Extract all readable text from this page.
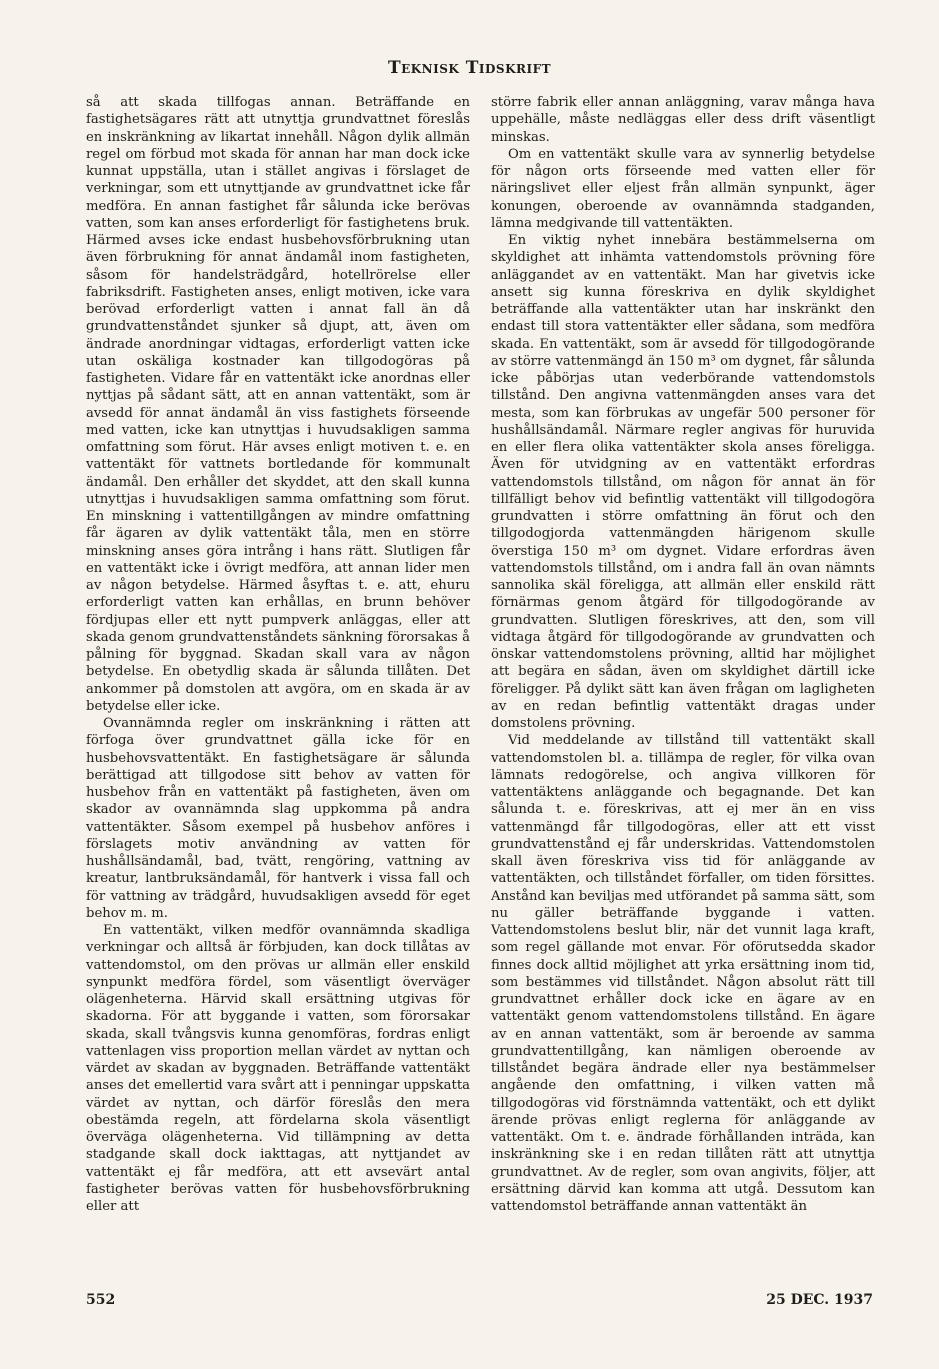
Teknisk Tidskrift

så att skada tillfogas annan. Beträffande en fastighetsägares rätt att utnyttja grundvattnet föreslås en inskränkning av likartat innehåll. Någon dylik allmän regel om förbud mot skada för annan har man dock icke kunnat uppställa, utan i stället angivas i förslaget de verkningar, som ett utnyttjande av grundvattnet icke får medföra. En annan fastighet får sålunda icke berövas vatten, som kan anses erforderligt för fastighetens bruk. Härmed avses icke endast husbehovsförbrukning utan även förbrukning för annat ändamål inom fastigheten, såsom för handelsträdgård, hotellrörelse eller fabriksdrift. Fastigheten anses, enligt motiven, icke vara berövad erforderligt vatten i annat fall än då grundvattenståndet sjunker så djupt, att, även om ändrade anordningar vidtagas, erforderligt vatten icke utan oskäliga kostnader kan tillgodogöras på fastigheten. Vidare får en vattentäkt icke anordnas eller nyttjas på sådant sätt, att en annan vattentäkt, som är avsedd för annat ändamål än viss fastighets förseende med vatten, icke kan utnyttjas i huvudsakligen samma omfattning som förut. Här avses enligt motiven t. e. en vattentäkt för vattnets bortledande för kommunalt ändamål. Den erhåller det skyddet, att den skall kunna utnyttjas i huvudsakligen samma omfattning som förut. En minskning i vattentillgången av mindre omfattning får ägaren av dylik vattentäkt tåla, men en större minskning anses göra intrång i hans rätt. Slutligen får en vattentäkt icke i övrigt medföra, att annan lider men av någon betydelse. Härmed åsyftas t. e. att, ehuru erforderligt vatten kan erhållas, en brunn behöver fördjupas eller ett nytt pumpverk anläggas, eller att skada genom grundvattenståndets sänkning förorsakas å pålning för byggnad. Skadan skall vara av någon betydelse. En obetydlig skada är sålunda tillåten. Det ankommer på domstolen att avgöra, om en skada är av betydelse eller icke.

Ovannämnda regler om inskränkning i rätten att förfoga över grundvattnet gälla icke för en husbehovsvattentäkt. En fastighetsägare är sålunda berättigad att tillgodose sitt behov av vatten för husbehov från en vattentäkt på fastigheten, även om skador av ovannämnda slag uppkomma på andra vattentäkter. Såsom exempel på husbehov anföres i förslagets motiv användning av vatten för hushållsändamål, bad, tvätt, rengöring, vattning av kreatur, lantbruksändamål, för hantverk i vissa fall och för vattning av trädgård, huvudsakligen avsedd för eget behov m. m.

En vattentäkt, vilken medför ovannämnda skadliga verkningar och alltså är förbjuden, kan dock tillåtas av vattendomstol, om den prövas ur allmän eller enskild synpunkt medföra fördel, som väsentligt överväger olägenheterna. Härvid skall ersättning utgivas för skadorna. För att byggande i vatten, som förorsakar skada, skall tvångsvis kunna genomföras, fordras enligt vattenlagen viss proportion mellan värdet av nyttan och värdet av skadan av byggnaden. Beträffande vattentäkt anses det emellertid vara svårt att i penningar uppskatta värdet av nyttan, och därför föreslås den mera obestämda regeln, att fördelarna skola väsentligt överväga olägenheterna. Vid tillämpning av detta stadgande skall dock iakttagas, att nyttjandet av vattentäkt ej får medföra, att ett avsevärt antal fastigheter berövas vatten för husbehovsförbrukning eller att

större fabrik eller annan anläggning, varav många hava uppehälle, måste nedläggas eller dess drift väsentligt minskas.

Om en vattentäkt skulle vara av synnerlig betydelse för någon orts förseende med vatten eller för näringslivet eller eljest från allmän synpunkt, äger konungen, oberoende av ovannämnda stadganden, lämna medgivande till vattentäkten.

En viktig nyhet innebära bestämmelserna om skyldighet att inhämta vattendomstols prövning före anläggandet av en vattentäkt. Man har givetvis icke ansett sig kunna föreskriva en dylik skyldighet beträffande alla vattentäkter utan har inskränkt den endast till stora vattentäkter eller sådana, som medföra skada. En vattentäkt, som är avsedd för tillgodogörande av större vattenmängd än 150 m³ om dygnet, får sålunda icke påbörjas utan vederbörande vattendomstols tillstånd. Den angivna vattenmängden anses vara det mesta, som kan förbrukas av ungefär 500 personer för hushållsändamål. Närmare regler angivas för huruvida en eller flera olika vattentäkter skola anses föreligga. Även för utvidgning av en vattentäkt erfordras vattendomstols tillstånd, om någon för annat än för tillfälligt behov vid befintlig vattentäkt vill tillgodogöra grundvatten i större omfattning än förut och den tillgodogjorda vattenmängden härigenom skulle överstiga 150 m³ om dygnet. Vidare erfordras även vattendomstols tillstånd, om i andra fall än ovan nämnts sannolika skäl föreligga, att allmän eller enskild rätt förnärmas genom åtgärd för tillgodogörande av grundvatten. Slutligen föreskrives, att den, som vill vidtaga åtgärd för tillgodogörande av grundvatten och önskar vattendomstolens prövning, alltid har möjlighet att begära en sådan, även om skyldighet därtill icke föreligger. På dylikt sätt kan även frågan om lagligheten av en redan befintlig vattentäkt dragas under domstolens prövning.

Vid meddelande av tillstånd till vattentäkt skall vattendomstolen bl. a. tillämpa de regler, för vilka ovan lämnats redogörelse, och angiva villkoren för vattentäktens anläggande och begagnande. Det kan sålunda t. e. föreskrivas, att ej mer än en viss vattenmängd får tillgodogöras, eller att ett visst grundvattenstånd ej får underskridas. Vattendomstolen skall även föreskriva viss tid för anläggande av vattentäkten, och tillståndet förfaller, om tiden försittes. Anstånd kan beviljas med utförandet på samma sätt, som nu gäller beträffande byggande i vatten. Vattendomstolens beslut blir, när det vunnit laga kraft, som regel gällande mot envar. För oförutsedda skador finnes dock alltid möjlighet att yrka ersättning inom tid, som bestämmes vid tillståndet. Någon absolut rätt till grundvattnet erhåller dock icke en ägare av en vattentäkt genom vattendomstolens tillstånd. En ägare av en annan vattentäkt, som är beroende av samma grundvattentillgång, kan nämligen oberoende av tillståndet begära ändrade eller nya bestämmelser angående den omfattning, i vilken vatten må tillgodogöras vid förstnämnda vattentäkt, och ett dylikt ärende prövas enligt reglerna för anläggande av vattentäkt. Om t. e. ändrade förhållanden inträda, kan inskränkning ske i en redan tillåten rätt att utnyttja grundvattnet. Av de regler, som ovan angivits, följer, att ersättning därvid kan komma att utgå. Dessutom kan vattendomstol beträffande annan vattentäkt än

552	25 DEC. 1937
